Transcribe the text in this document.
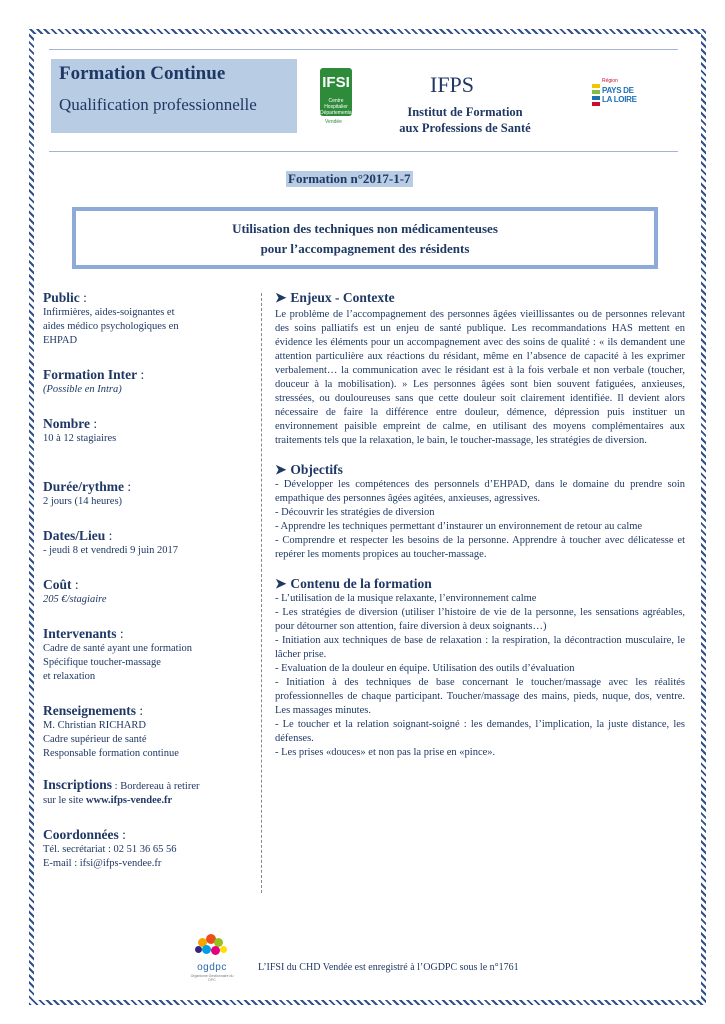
Formation Continue
Qualification professionnelle
IFSI
Centre Hospitalier Départemental
Vendée
IFPS
Institut de Formation
aux Professions de Santé
Région
PAYS DE LA LOIRE
Formation n°2017-1-7
Utilisation des techniques non médicamenteuses
pour l’accompagnement des résidents
Public :
Infirmières, aides-soignantes et
aides médico psychologiques en
EHPAD
Formation Inter :
(Possible en Intra)
Nombre :
10 à 12 stagiaires
Durée/rythme :
2 jours (14 heures)
Dates/Lieu :
- jeudi 8 et vendredi 9 juin 2017
Coût :
205 €/stagiaire
Intervenants :
Cadre de santé ayant une formation
Spécifique toucher-massage
et relaxation
Renseignements :
M. Christian RICHARD
Cadre supérieur de santé
Responsable formation continue
Inscriptions : Bordereau à retirer
sur le site www.ifps-vendee.fr
Coordonnées :
Tél. secrétariat : 02 51 36 65 56
E-mail : ifsi@ifps-vendee.fr
➤ Enjeux - Contexte
Le problème de l’accompagnement des personnes âgées vieillissantes ou de personnes relevant des soins palliatifs est un enjeu de santé publique. Les recommandations HAS mettent en évidence les éléments pour un accompagnement avec des soins de qualité : « ils demandent une attention particulière aux réactions du résidant, même en l’absence de capacité à les exprimer verbalement… la communication avec le résidant est à la fois verbale et non verbale (toucher, douceur à la mobilisation). » Les personnes âgées sont bien souvent fatiguées, anxieuses, stressées, ou douloureuses sans que cette douleur soit clairement identifiée. Il devient alors nécessaire de faire la différence entre douleur, démence, dépression puis instituer un environnement paisible empreint de calme, en utilisant des moyens complémentaires aux traitements tels que la relaxation, le bain, le toucher-massage, les stratégies de diversion.
➤ Objectifs
- Développer les compétences des personnels d’EHPAD, dans le domaine du prendre soin empathique des personnes âgées agitées, anxieuses, agressives.
- Découvrir les stratégies de diversion
- Apprendre les techniques permettant d’instaurer un environnement de retour au calme
- Comprendre et respecter les besoins de la personne. Apprendre à toucher avec délicatesse et repérer les moments propices au toucher-massage.
➤ Contenu de la formation
- L’utilisation de la musique relaxante, l’environnement calme
- Les stratégies de diversion (utiliser l’histoire de vie de la personne, les sensations agréables, pour détourner son attention, faire diversion à deux soignants…)
- Initiation aux techniques de base de relaxation : la respiration, la décontraction musculaire, le lâcher prise.
- Evaluation de la douleur en équipe. Utilisation des outils d’évaluation
- Initiation à des techniques de base concernant le toucher/massage avec les réalités professionnelles de chaque participant. Toucher/massage des mains, pieds, nuque, dos, ventre. Les massages minutes.
- Le toucher et la relation soignant-soigné : les demandes, l’implication, la juste distance, les défenses.
- Les prises «douces» et non pas la prise en «pince».
ogdpc
Organisme Gestionnaire du DPC
L’IFSI du CHD Vendée est enregistré à l’OGDPC sous le n°1761
